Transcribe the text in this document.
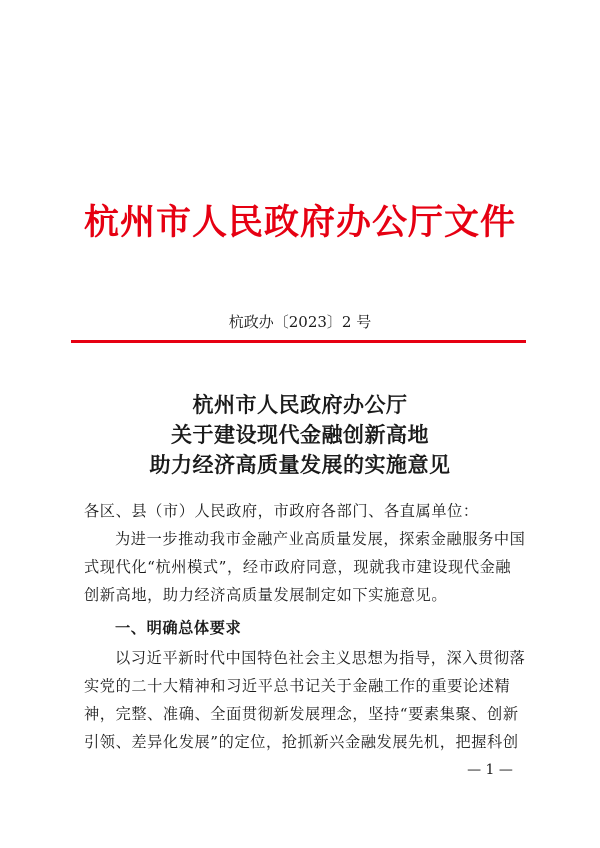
杭州市人民政府办公厅文件
杭政办〔2023〕2 号
杭州市人民政府办公厅
关于建设现代金融创新高地
助力经济高质量发展的实施意见
各区、县（市）人民政府，市政府各部门、各直属单位：
为进一步推动我市金融产业高质量发展，探索金融服务中国
式现代化“杭州模式”，经市政府同意，现就我市建设现代金融
创新高地，助力经济高质量发展制定如下实施意见。
一、明确总体要求
以习近平新时代中国特色社会主义思想为指导，深入贯彻落
实党的二十大精神和习近平总书记关于金融工作的重要论述精
神，完整、准确、全面贯彻新发展理念，坚持“要素集聚、创新
引领、差异化发展”的定位，抢抓新兴金融发展先机，把握科创
— 1 —
